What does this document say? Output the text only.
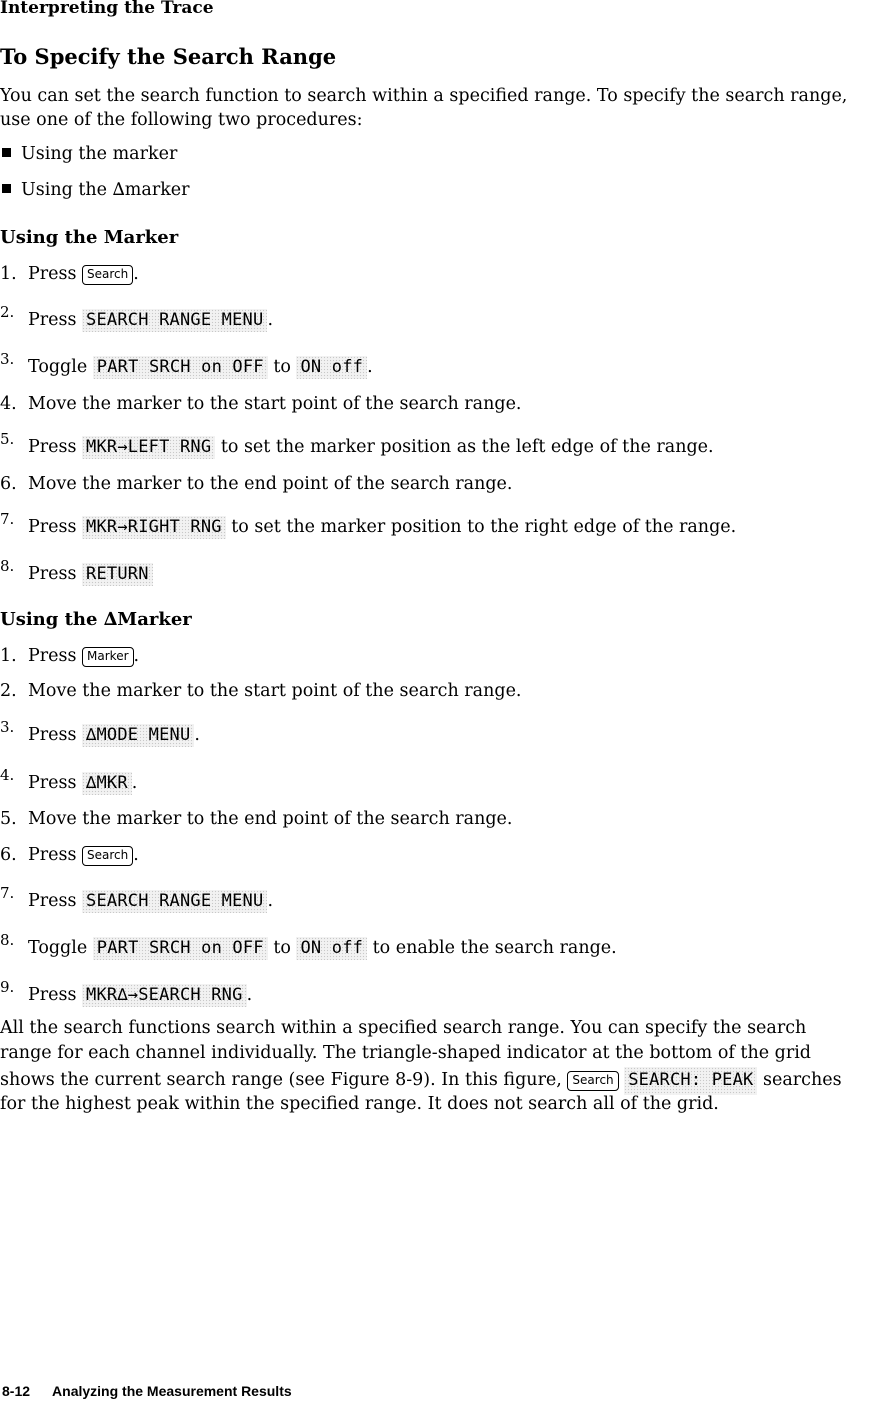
Interpreting the Trace
To Specify the Search Range
You can set the search function to search within a specified range. To specify the search range,
use one of the following two procedures:
Using the marker
Using the ∆marker
Using the Marker
1. Press Search .
2. Press SEARCH RANGE MENU .
3. Toggle PART SRCH on OFF to ON off .
4. Move the marker to the start point of the search range.
5. Press MKR→LEFT RNG to set the marker position as the left edge of the range.
6. Move the marker to the end point of the search range.
7. Press MKR→RIGHT RNG to set the marker position to the right edge of the range.
8. Press RETURN
Using the ∆Marker
1. Press Marker .
2. Move the marker to the start point of the search range.
3. Press ∆MODE MENU .
4. Press ∆MKR .
5. Move the marker to the end point of the search range.
6. Press Search .
7. Press SEARCH RANGE MENU .
8. Toggle PART SRCH on OFF to ON off to enable the search range.
9. Press MKR∆→SEARCH RNG .
All the search functions search within a specified search range. You can specify the search
range for each channel individually. The triangle-shaped indicator at the bottom of the grid
shows the current search range (see Figure 8-9). In this figure, Search SEARCH: PEAK searches
for the highest peak within the specified range. It does not search all of the grid.
8-12 Analyzing the Measurement Results
